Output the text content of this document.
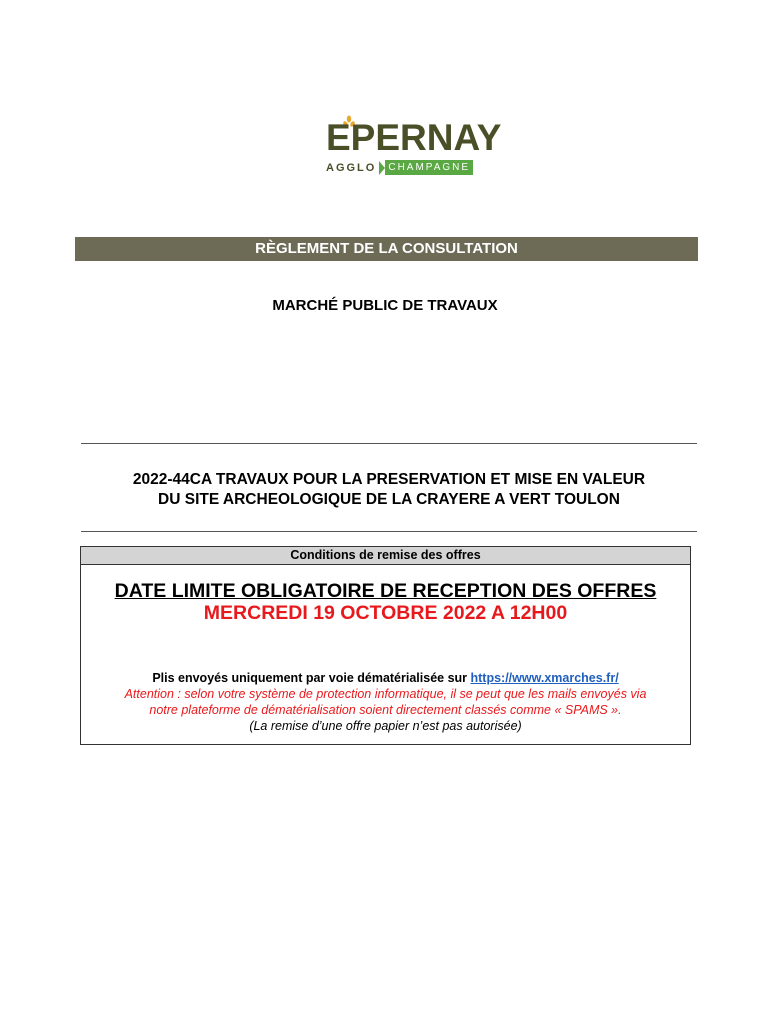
EPERNAY
AGGLO	CHAMPAGNE
RÈGLEMENT DE LA CONSULTATION
MARCHÉ PUBLIC DE TRAVAUX
2022-44CA TRAVAUX POUR LA PRESERVATION ET MISE EN VALEUR
DU SITE ARCHEOLOGIQUE DE LA CRAYERE A VERT TOULON
Conditions de remise des offres
DATE LIMITE OBLIGATOIRE DE RECEPTION DES OFFRES
MERCREDI 19 OCTOBRE 2022 A 12H00
Plis envoyés uniquement par voie dématérialisée sur https://www.xmarches.fr/
Attention : selon votre système de protection informatique, il se peut que les mails envoyés via
notre plateforme de dématérialisation soient directement classés comme « SPAMS ».
(La remise d’une offre papier n’est pas autorisée)
